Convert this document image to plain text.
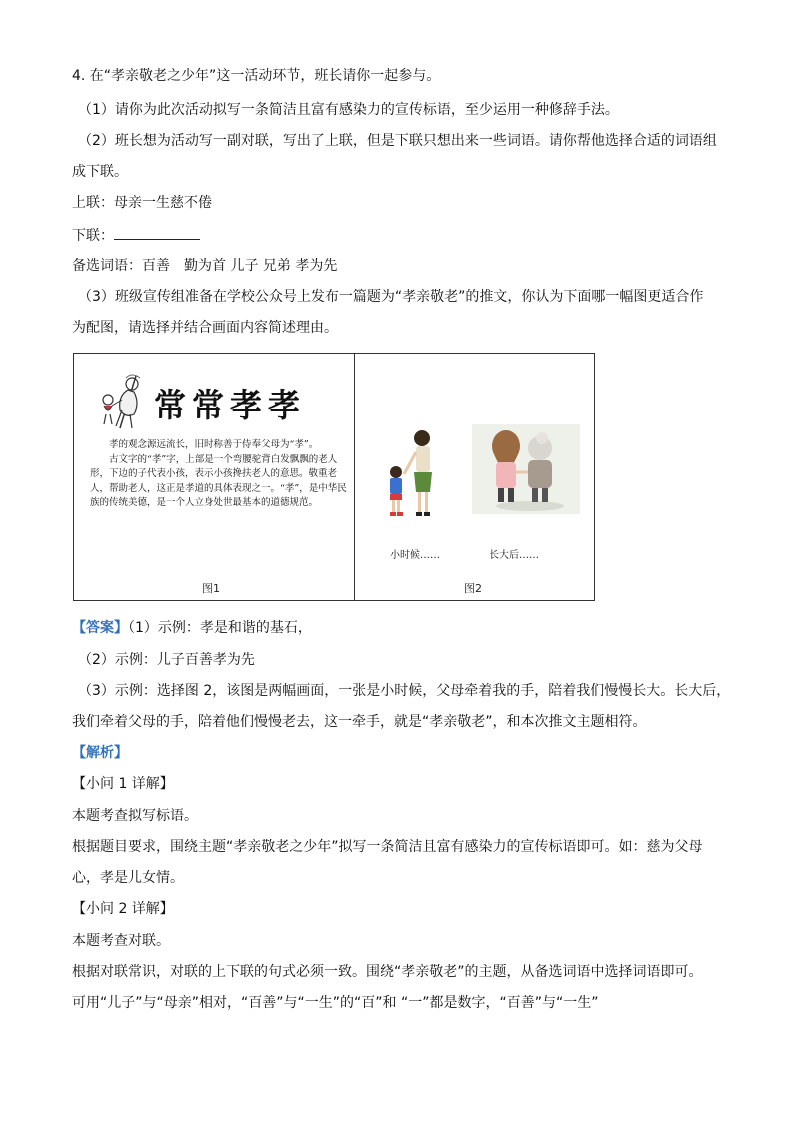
4. 在“孝亲敬老之少年”这一活动环节，班长请你一起参与。
（1）请你为此次活动拟写一条简洁且富有感染力的宣传标语，至少运用一种修辞手法。
（2）班长想为活动写一副对联，写出了上联，但是下联只想出来一些词语。请你帮他选择合适的词语组
成下联。
上联：母亲一生慈不倦
下联：
备选词语：百善　勤为首 儿子 兄弟 孝为先
（3）班级宣传组准备在学校公众号上发布一篇题为“孝亲敬老”的推文，你认为下面哪一幅图更适合作
为配图，请选择并结合画面内容简述理由。
常常孝孝

孝的观念源远流长，旧时称善于侍奉父母为“孝”。

古文字的“孝”字，上部是一个弯腰驼背白发飘飘的老人形，下边的子代表小孩，表示小孩搀扶老人的意思。敬重老人，帮助老人，这正是孝道的具体表现之一。“孝”，是中华民族的传统美德，是一个人立身处世最基本的道德规范。

图1
小时候……	长大后……
图2
【答案】（1）示例：孝是和谐的基石，
（2）示例：儿子百善孝为先
（3）示例：选择图 2，该图是两幅画面，一张是小时候，父母牵着我的手，陪着我们慢慢长大。长大后，
我们牵着父母的手，陪着他们慢慢老去，这一牵手，就是“孝亲敬老”，和本次推文主题相符。
【解析】
【小问 1 详解】
本题考查拟写标语。
根据题目要求，围绕主题“孝亲敬老之少年”拟写一条简洁且富有感染力的宣传标语即可。如：慈为父母
心，孝是儿女情。
【小问 2 详解】
本题考查对联。
根据对联常识，对联的上下联的句式必须一致。围绕“孝亲敬老”的主题，从备选词语中选择词语即可。
可用“儿子”与“母亲”相对，“百善”与“一生”的“百”和 “一”都是数字，“百善”与“一生”
